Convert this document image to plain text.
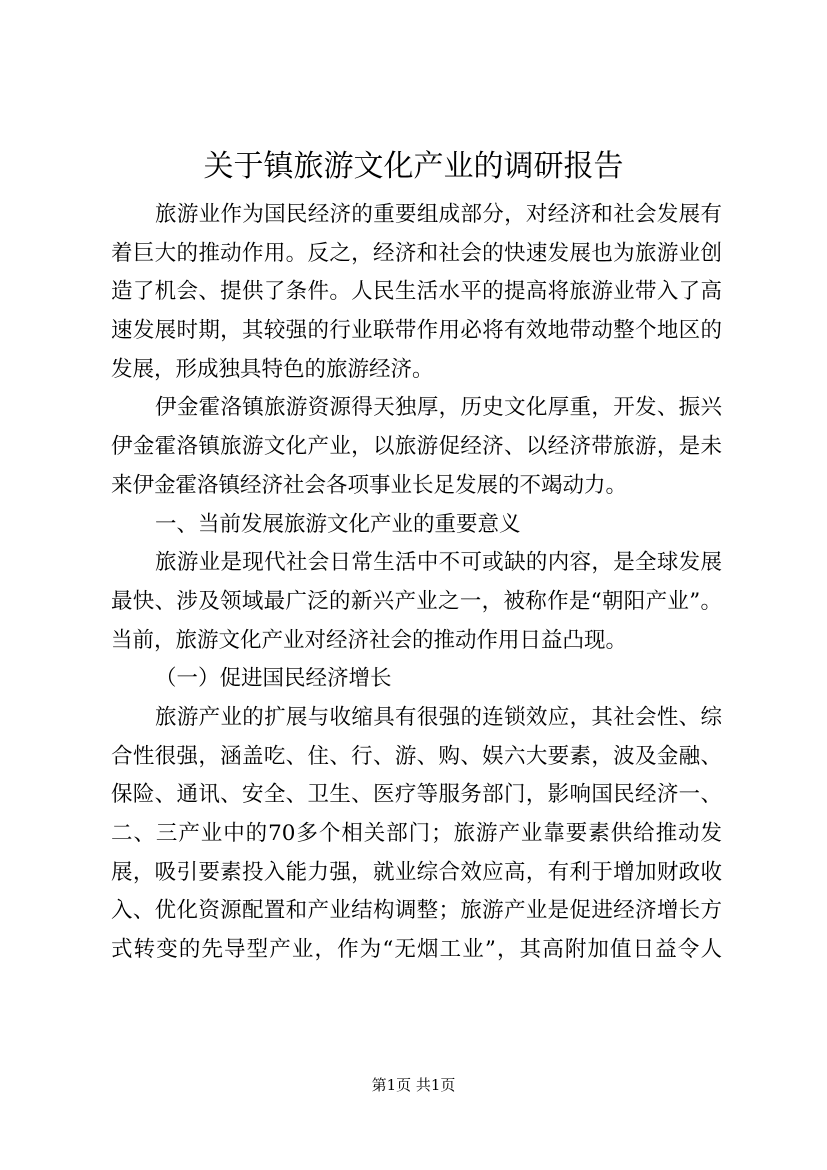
关于镇旅游文化产业的调研报告
旅游业作为国民经济的重要组成部分，对经济和社会发展有
着巨大的推动作用。反之，经济和社会的快速发展也为旅游业创
造了机会、提供了条件。人民生活水平的提高将旅游业带入了高
速发展时期，其较强的行业联带作用必将有效地带动整个地区的
发展，形成独具特色的旅游经济。
伊金霍洛镇旅游资源得天独厚，历史文化厚重，开发、振兴
伊金霍洛镇旅游文化产业，以旅游促经济、以经济带旅游，是未
来伊金霍洛镇经济社会各项事业长足发展的不竭动力。
一、当前发展旅游文化产业的重要意义
旅游业是现代社会日常生活中不可或缺的内容，是全球发展
最快、涉及领域最广泛的新兴产业之一，被称作是“朝阳产业”。
当前，旅游文化产业对经济社会的推动作用日益凸现。
（一）促进国民经济增长
旅游产业的扩展与收缩具有很强的连锁效应，其社会性、综
合性很强，涵盖吃、住、行、游、购、娱六大要素，波及金融、
保险、通讯、安全、卫生、医疗等服务部门，影响国民经济一、
二、三产业中的70多个相关部门；旅游产业靠要素供给推动发
展，吸引要素投入能力强，就业综合效应高，有利于增加财政收
入、优化资源配置和产业结构调整；旅游产业是促进经济增长方
式转变的先导型产业，作为“无烟工业”，其高附加值日益令人
第1页 共1页
